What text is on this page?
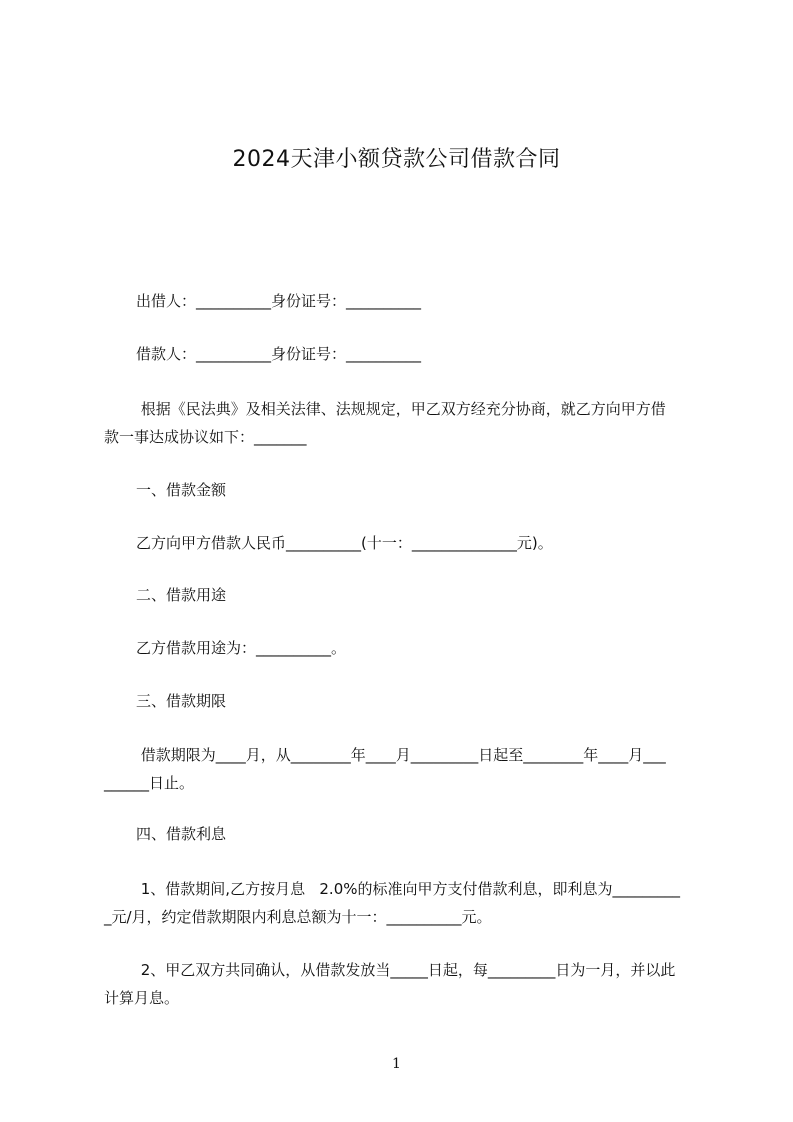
2024天津小额贷款公司借款合同

出借人：__________身份证号：__________

借款人：__________身份证号：__________

根据《民法典》及相关法律、法规规定，甲乙双方经充分协商，就乙方向甲方借

款一事达成协议如下：_______

一、借款金额

乙方向甲方借款人民币__________(十一：______________元)。

二、借款用途

乙方借款用途为：__________。

三、借款期限

借款期限为____月，从________年____月_________日起至________年____月___

______日止。

四、借款利息

1、借款期间,乙方按月息   2.0%的标准向甲方支付借款利息，即利息为_________

_元/月，约定借款期限内利息总额为十一：__________元。

2、甲乙双方共同确认，从借款发放当_____日起，每_________日为一月，并以此

计算月息。

1
